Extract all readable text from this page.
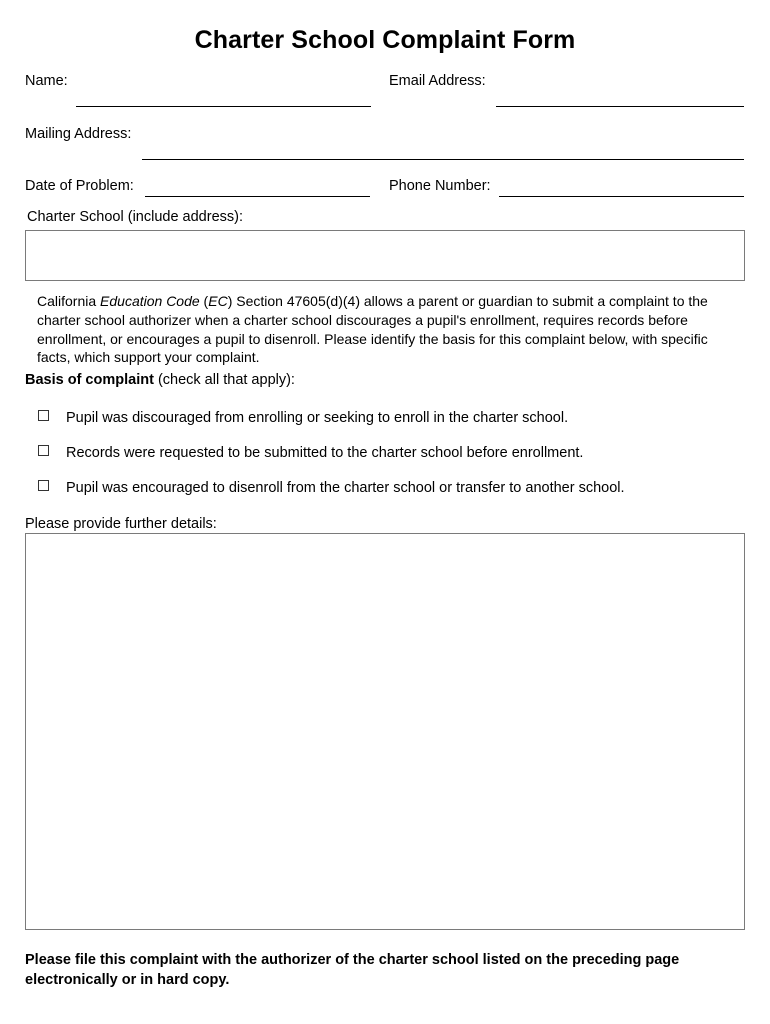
Charter School Complaint Form
Name:	Email Address:
Mailing Address:
Date of Problem:	Phone Number:
Charter School (include address):
California Education Code (EC) Section 47605(d)(4) allows a parent or guardian to submit a complaint to the charter school authorizer when a charter school discourages a pupil's enrollment, requires records before enrollment, or encourages a pupil to disenroll. Please identify the basis for this complaint below, with specific facts, which support your complaint.
Basis of complaint (check all that apply):
Pupil was discouraged from enrolling or seeking to enroll in the charter school.
Records were requested to be submitted to the charter school before enrollment.
Pupil was encouraged to disenroll from the charter school or transfer to another school.
Please provide further details:
Please file this complaint with the authorizer of the charter school listed on the preceding page electronically or in hard copy.
